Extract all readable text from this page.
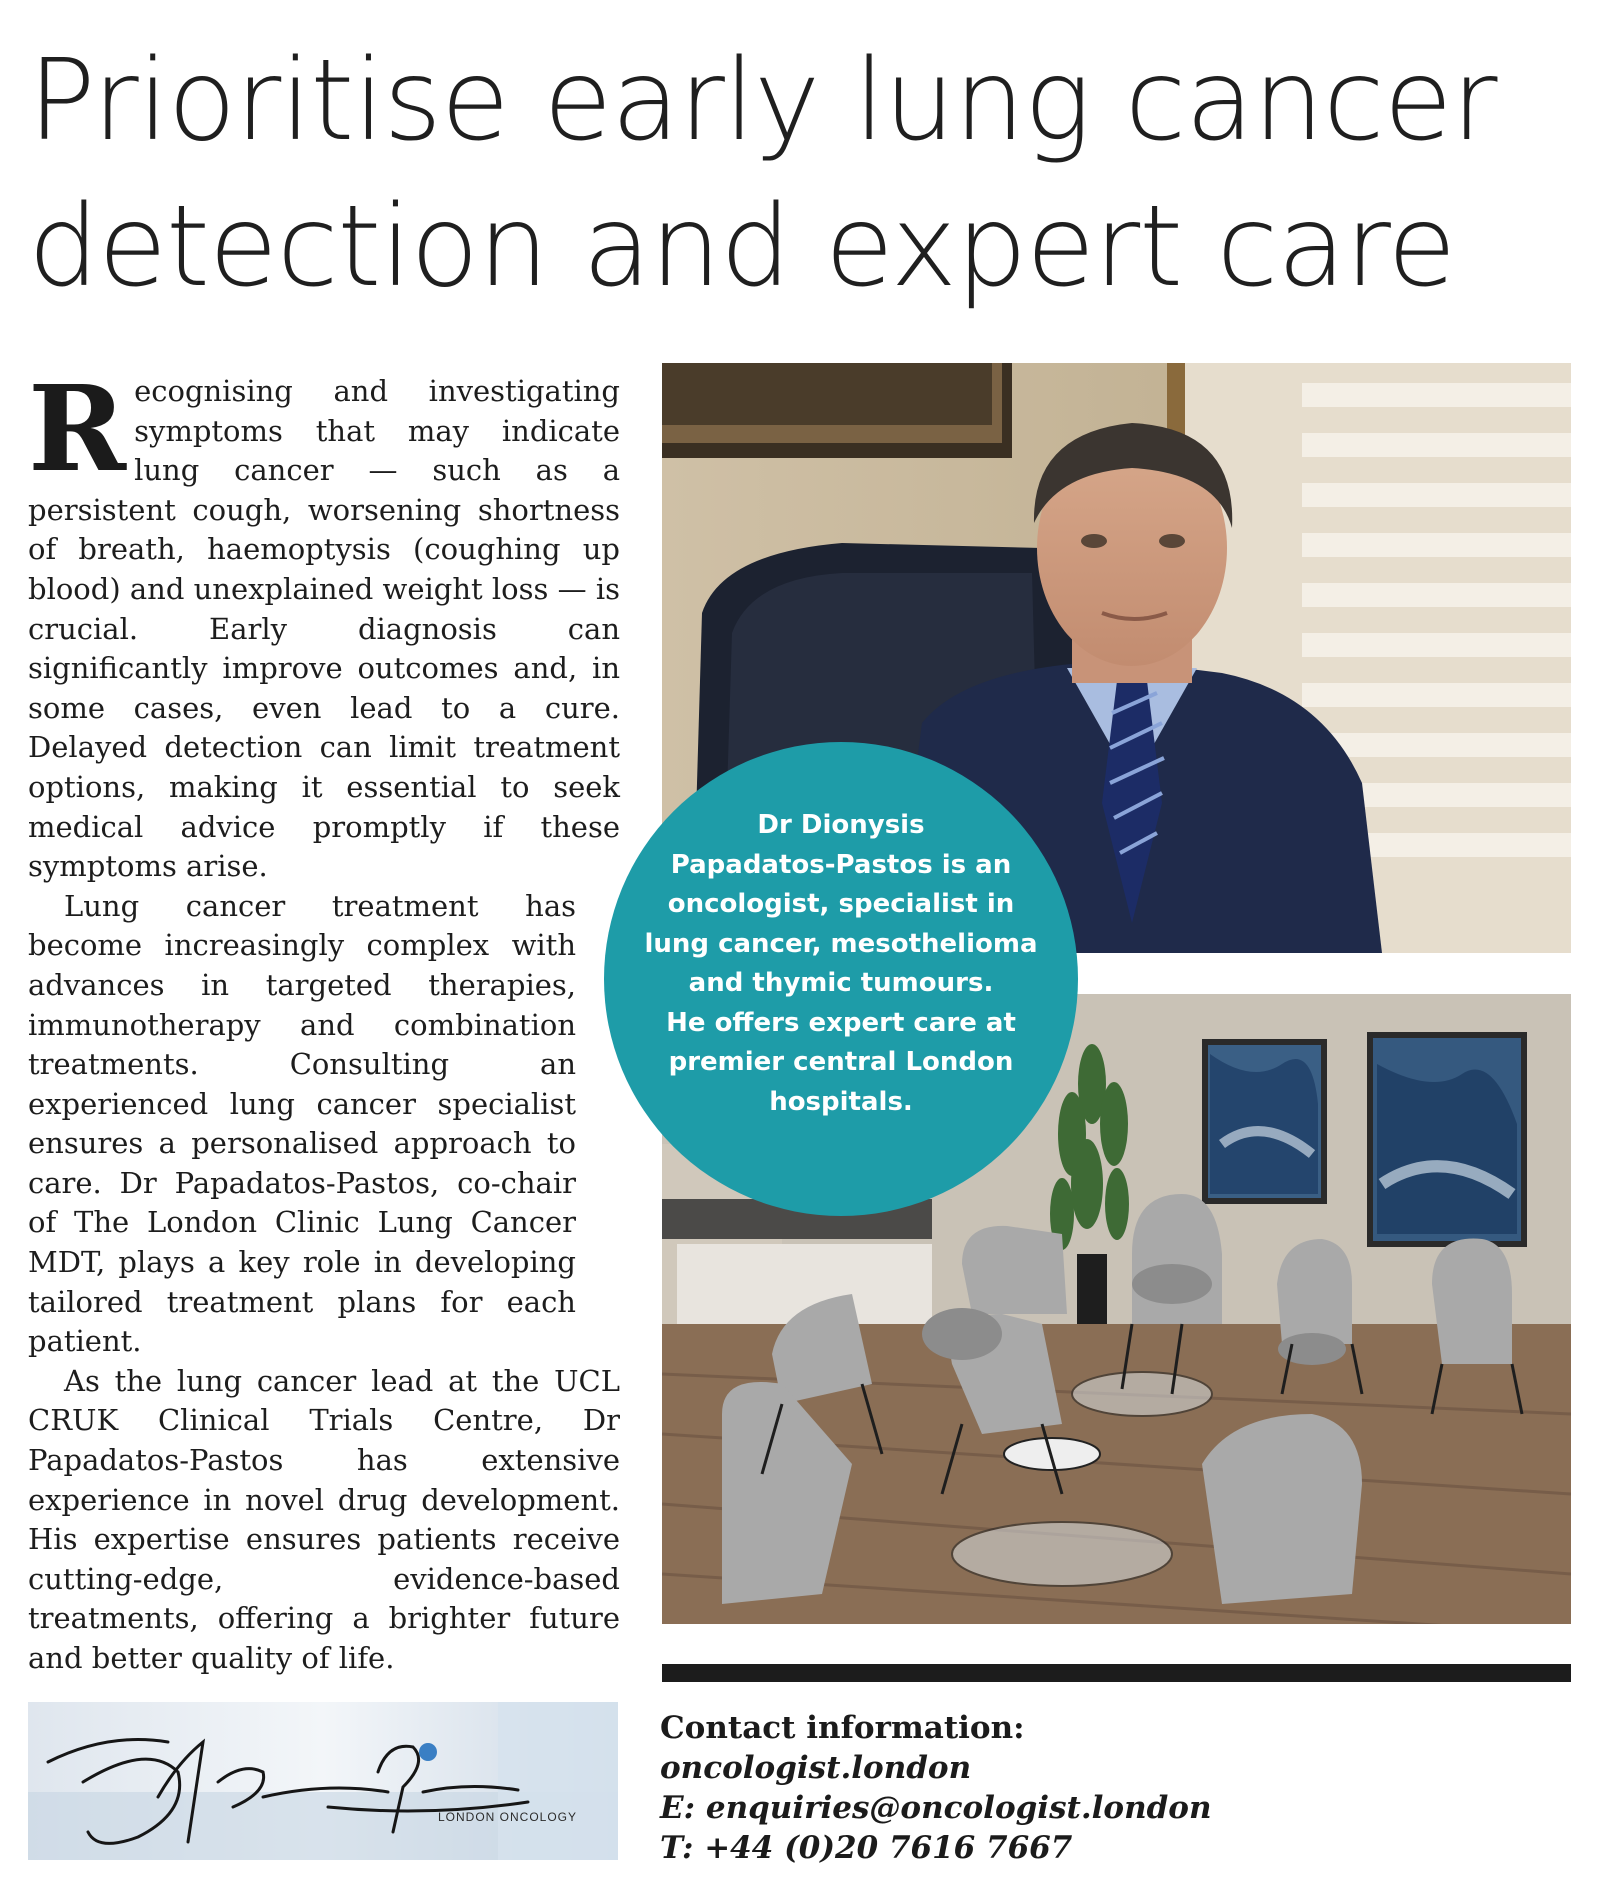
Prioritise early lung cancer
detection and expert care

Recognising and investigating symptoms that may indicate lung cancer — such as a persistent cough, worsening shortness of breath, haemoptysis (coughing up blood) and unexplained weight loss — is crucial. Early diagnosis can significantly improve outcomes and, in some cases, even lead to a cure. Delayed detection can limit treatment options, making it essential to seek medical advice promptly if these symptoms arise.

Lung cancer treatment has become increasingly complex with advances in targeted therapies, immunotherapy and combination treatments. Consulting an experienced lung cancer specialist ensures a personalised approach to care. Dr Papadatos-Pastos, co-chair of The London Clinic Lung Cancer MDT, plays a key role in developing tailored treatment plans for each patient.

As the lung cancer lead at the UCL CRUK Clinical Trials Centre, Dr Papadatos-Pastos has extensive experience in novel drug development. His expertise ensures patients receive cutting-edge, evidence-based treatments, offering a brighter future and better quality of life.

Dr Dionysis
Papadatos-Pastos is an
oncologist, specialist in
lung cancer, mesothelioma
and thymic tumours.
He offers expert care at
premier central London
hospitals.
LONDON ONCOLOGY
Contact information:
oncologist.london
E: enquiries@oncologist.london
T: +44 (0)20 7616 7667
